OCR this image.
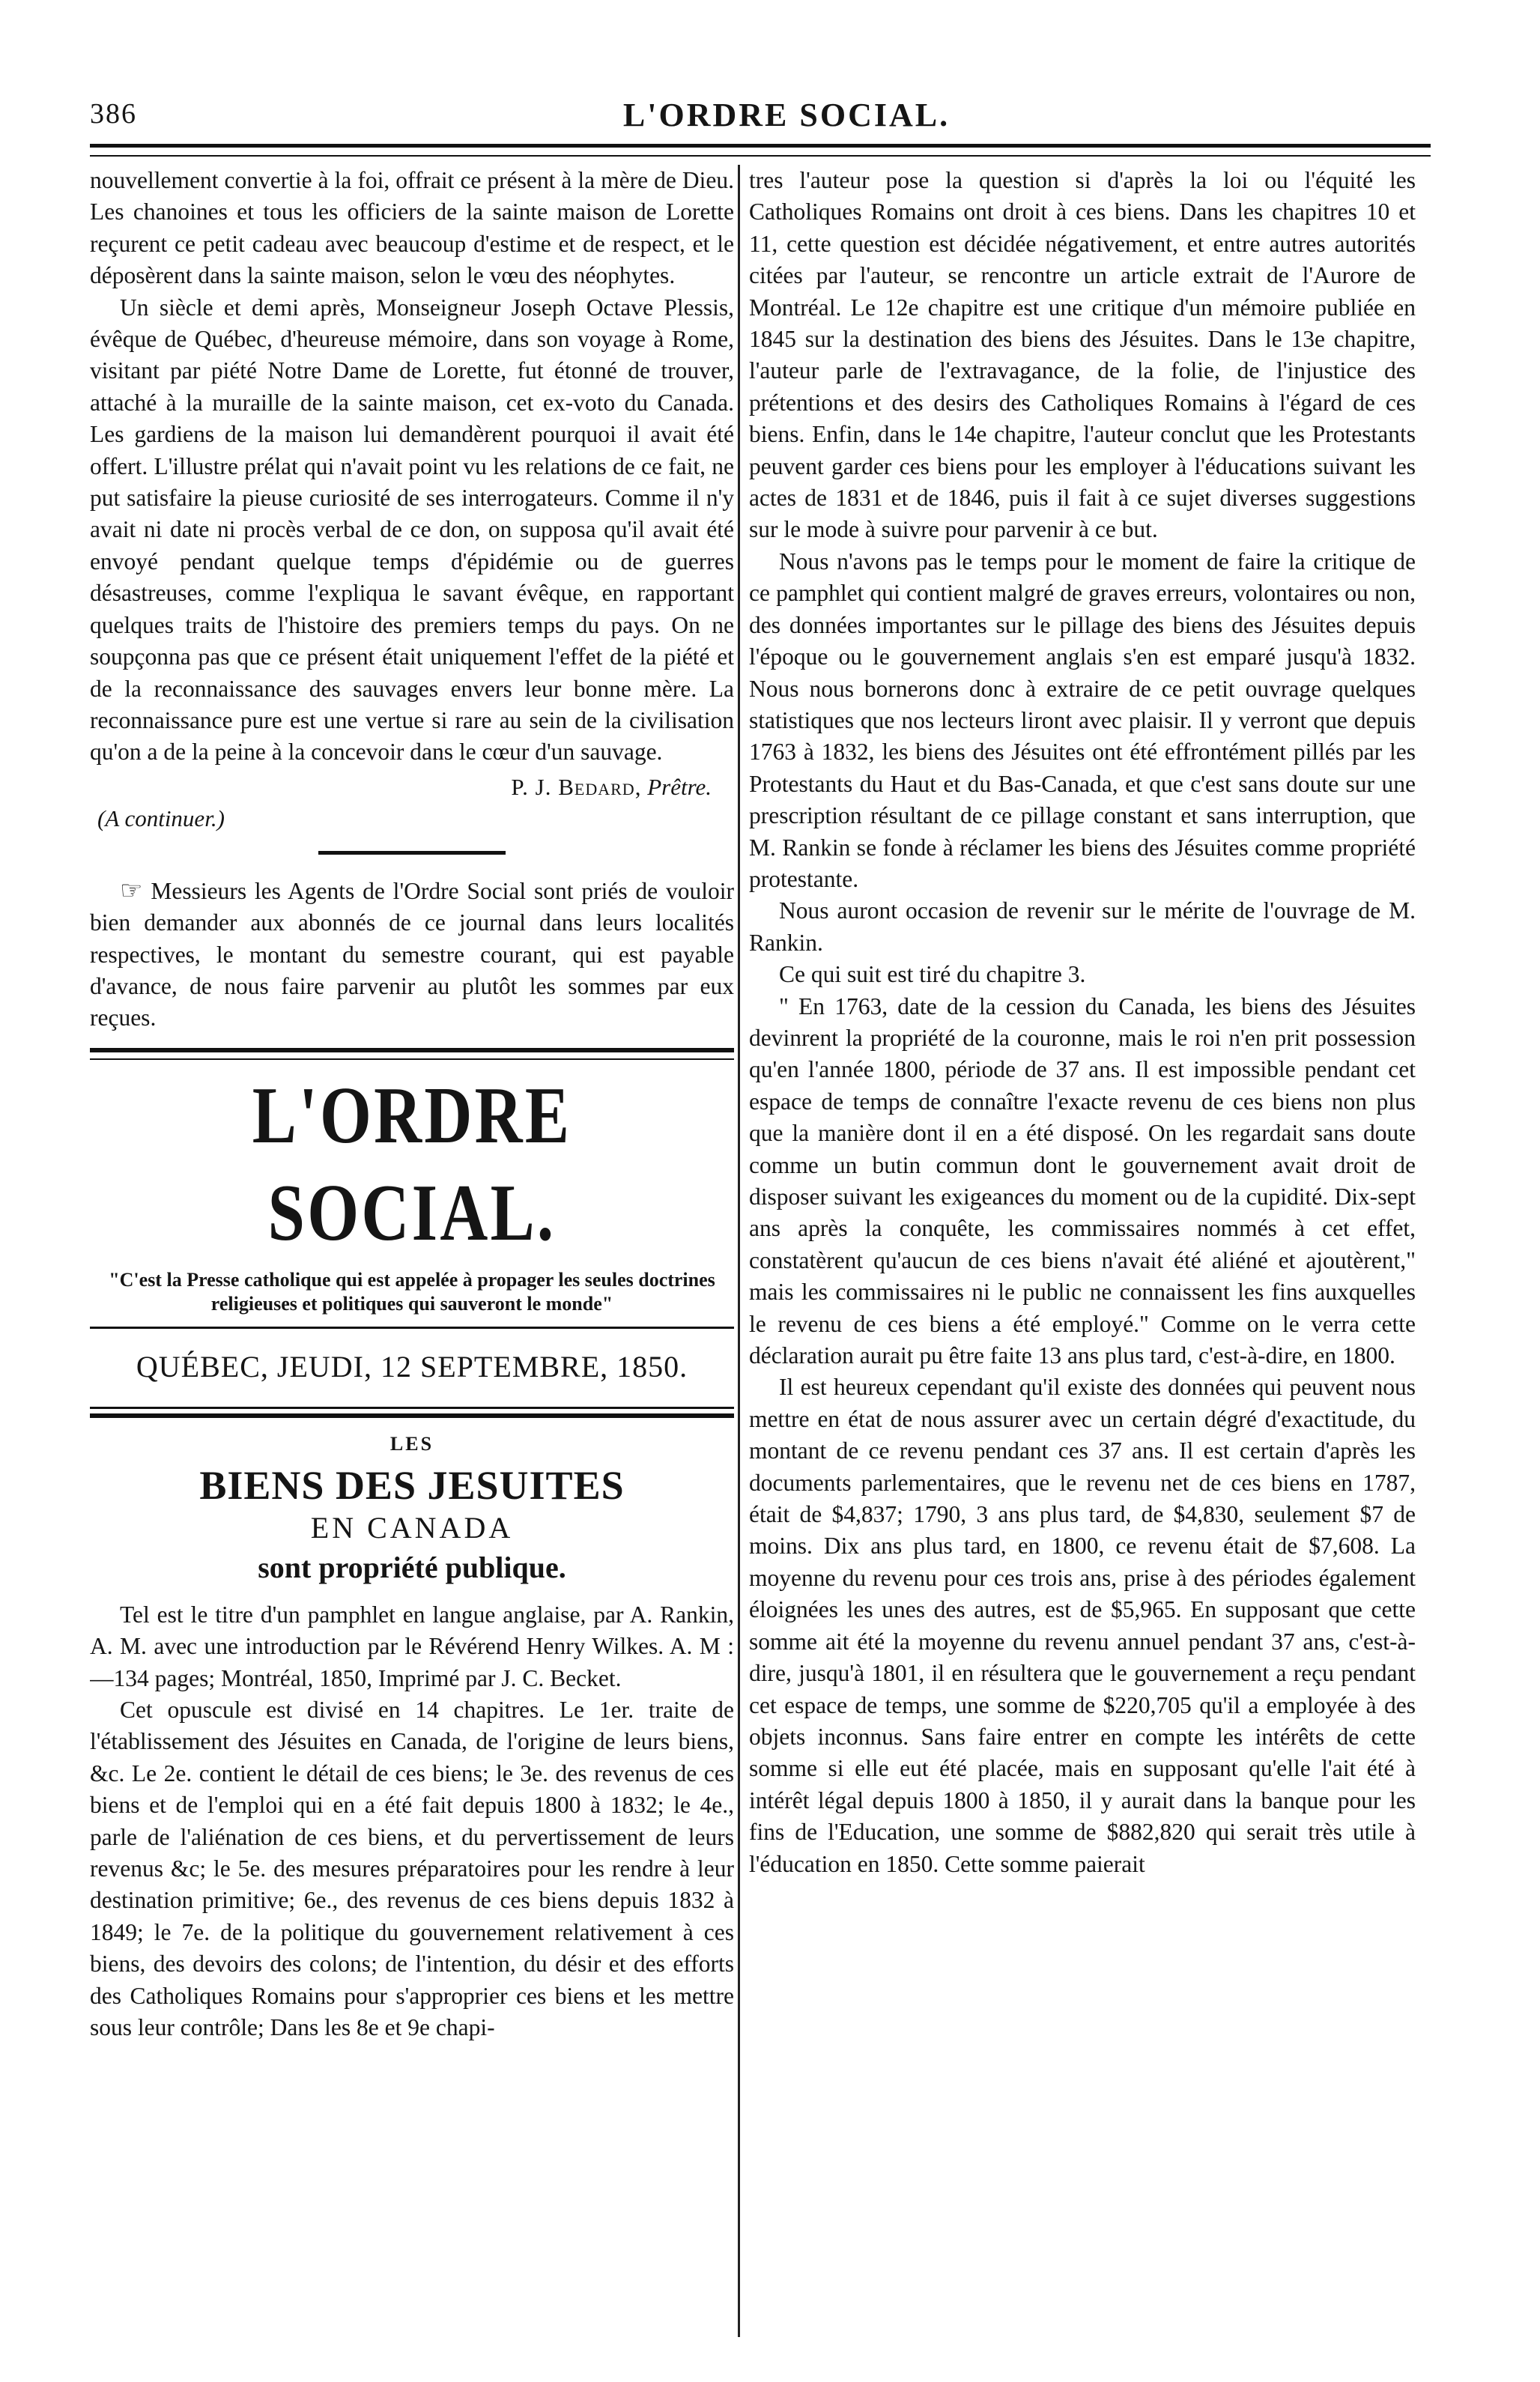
386	L'ORDRE SOCIAL.

nouvellement convertie à la foi, offrait ce présent à la mère de Dieu. Les chanoines et tous les officiers de la sainte maison de Lorette reçurent ce petit cadeau avec beaucoup d'estime et de respect, et le déposèrent dans la sainte maison, selon le vœu des néophytes.

Un siècle et demi après, Monseigneur Joseph Octave Plessis, évêque de Québec, d'heureuse mémoire, dans son voyage à Rome, visitant par piété Notre Dame de Lorette, fut étonné de trouver, attaché à la muraille de la sainte maison, cet ex-voto du Canada. Les gardiens de la maison lui demandèrent pourquoi il avait été offert. L'illustre prélat qui n'avait point vu les relations de ce fait, ne put satisfaire la pieuse curiosité de ses interrogateurs. Comme il n'y avait ni date ni procès verbal de ce don, on supposa qu'il avait été envoyé pendant quelque temps d'épidémie ou de guerres désastreuses, comme l'expliqua le savant évêque, en rapportant quelques traits de l'histoire des premiers temps du pays. On ne soupçonna pas que ce présent était uniquement l'effet de la piété et de la reconnaissance des sauvages envers leur bonne mère. La reconnaissance pure est une vertue si rare au sein de la civilisation qu'on a de la peine à la concevoir dans le cœur d'un sauvage.

P. J. Bedard, Prêtre.
(A continuer.)

☞ Messieurs les Agents de l'Ordre Social sont priés de vouloir bien demander aux abonnés de ce journal dans leurs localités respectives, le montant du semestre courant, qui est payable d'avance, de nous faire parvenir au plutôt les sommes par eux reçues.

L'ORDRE SOCIAL.
"C'est la Presse catholique qui est appelée à propager les seules doctrines religieuses et politiques qui sauveront le monde"
QUÉBEC, JEUDI, 12 SEPTEMBRE, 1850.
LES
BIENS DES JESUITES
EN CANADA
sont propriété publique.

Tel est le titre d'un pamphlet en langue anglaise, par A. Rankin, A. M. avec une introduction par le Révérend Henry Wilkes. A. M :—134 pages; Montréal, 1850, Imprimé par J. C. Becket.

Cet opuscule est divisé en 14 chapitres. Le 1er. traite de l'établissement des Jésuites en Canada, de l'origine de leurs biens, &c. Le 2e. contient le détail de ces biens; le 3e. des revenus de ces biens et de l'emploi qui en a été fait depuis 1800 à 1832; le 4e., parle de l'aliénation de ces biens, et du pervertissement de leurs revenus &c; le 5e. des mesures préparatoires pour les rendre à leur destination primitive; 6e., des revenus de ces biens depuis 1832 à 1849; le 7e. de la politique du gouvernement relativement à ces biens, des devoirs des colons; de l'intention, du désir et des efforts des Catholiques Romains pour s'approprier ces biens et les mettre sous leur contrôle; Dans les 8e et 9e chapi-

tres l'auteur pose la question si d'après la loi ou l'équité les Catholiques Romains ont droit à ces biens. Dans les chapitres 10 et 11, cette question est décidée négativement, et entre autres autorités citées par l'auteur, se rencontre un article extrait de l'Aurore de Montréal. Le 12e chapitre est une critique d'un mémoire publiée en 1845 sur la destination des biens des Jésuites. Dans le 13e chapitre, l'auteur parle de l'extravagance, de la folie, de l'injustice des prétentions et des desirs des Catholiques Romains à l'égard de ces biens. Enfin, dans le 14e chapitre, l'auteur conclut que les Protestants peuvent garder ces biens pour les employer à l'éducations suivant les actes de 1831 et de 1846, puis il fait à ce sujet diverses suggestions sur le mode à suivre pour parvenir à ce but.

Nous n'avons pas le temps pour le moment de faire la critique de ce pamphlet qui contient malgré de graves erreurs, volontaires ou non, des données importantes sur le pillage des biens des Jésuites depuis l'époque ou le gouvernement anglais s'en est emparé jusqu'à 1832. Nous nous bornerons donc à extraire de ce petit ouvrage quelques statistiques que nos lecteurs liront avec plaisir. Il y verront que depuis 1763 à 1832, les biens des Jésuites ont été effrontément pillés par les Protestants du Haut et du Bas-Canada, et que c'est sans doute sur une prescription résultant de ce pillage constant et sans interruption, que M. Rankin se fonde à réclamer les biens des Jésuites comme propriété protestante.

Nous auront occasion de revenir sur le mérite de l'ouvrage de M. Rankin.

Ce qui suit est tiré du chapitre 3.

" En 1763, date de la cession du Canada, les biens des Jésuites devinrent la propriété de la couronne, mais le roi n'en prit possession qu'en l'année 1800, période de 37 ans. Il est impossible pendant cet espace de temps de connaître l'exacte revenu de ces biens non plus que la manière dont il en a été disposé. On les regardait sans doute comme un butin commun dont le gouvernement avait droit de disposer suivant les exigeances du moment ou de la cupidité. Dix-sept ans après la conquête, les commissaires nommés à cet effet, constatèrent qu'aucun de ces biens n'avait été aliéné et ajoutèrent," mais les commissaires ni le public ne connaissent les fins auxquelles le revenu de ces biens a été employé." Comme on le verra cette déclaration aurait pu être faite 13 ans plus tard, c'est-à-dire, en 1800.

Il est heureux cependant qu'il existe des données qui peuvent nous mettre en état de nous assurer avec un certain dégré d'exactitude, du montant de ce revenu pendant ces 37 ans. Il est certain d'après les documents parlementaires, que le revenu net de ces biens en 1787, était de $4,837; 1790, 3 ans plus tard, de $4,830, seulement $7 de moins. Dix ans plus tard, en 1800, ce revenu était de $7,608. La moyenne du revenu pour ces trois ans, prise à des périodes également éloignées les unes des autres, est de $5,965. En supposant que cette somme ait été la moyenne du revenu annuel pendant 37 ans, c'est-à-dire, jusqu'à 1801, il en résultera que le gouvernement a reçu pendant cet espace de temps, une somme de $220,705 qu'il a employée à des objets inconnus. Sans faire entrer en compte les intérêts de cette somme si elle eut été placée, mais en supposant qu'elle l'ait été à intérêt légal depuis 1800 à 1850, il y aurait dans la banque pour les fins de l'Education, une somme de $882,820 qui serait très utile à l'éducation en 1850. Cette somme paierait
